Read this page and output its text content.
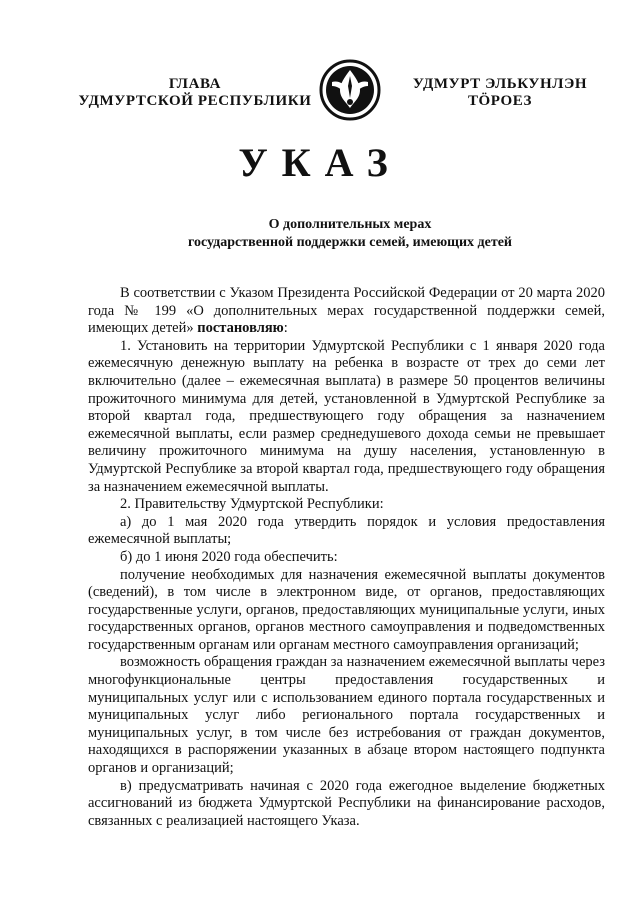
ГЛАВА
УДМУРТСКОЙ РЕСПУБЛИКИ
УДМУРТ ЭЛЬКУНЛЭН
ТӦРОЕЗ
УКАЗ
О дополнительных мерах
государственной поддержки семей, имеющих детей

В соответствии с Указом Президента Российской Федерации от 20 марта 2020 года № 199 «О дополнительных мерах государственной поддержки семей, имеющих детей» постановляю:

1. Установить на территории Удмуртской Республики с 1 января 2020 года ежемесячную денежную выплату на ребенка в возрасте от трех до семи лет включительно (далее – ежемесячная выплата) в размере 50 процентов величины прожиточного минимума для детей, установленной в Удмуртской Республике за второй квартал года, предшествующего году обращения за назначением ежемесячной выплаты, если размер среднедушевого дохода семьи не превышает величину прожиточного минимума на душу населения, установленную в Удмуртской Республике за второй квартал года, предшествующего году обращения за назначением ежемесячной выплаты.

2. Правительству Удмуртской Республики:

а) до 1 мая 2020 года утвердить порядок и условия предоставления ежемесячной выплаты;

б) до 1 июня 2020 года обеспечить:

получение необходимых для назначения ежемесячной выплаты документов (сведений), в том числе в электронном виде, от органов, предоставляющих государственные услуги, органов, предоставляющих муниципальные услуги, иных государственных органов, органов местного самоуправления и подведомственных государственным органам или органам местного самоуправления организаций;

возможность обращения граждан за назначением ежемесячной выплаты через многофункциональные центры предоставления государственных и муниципальных услуг или с использованием единого портала государственных и муниципальных услуг либо регионального портала государственных и муниципальных услуг, в том числе без истребования от граждан документов, находящихся в распоряжении указанных в абзаце втором настоящего подпункта органов и организаций;

в) предусматривать начиная с 2020 года ежегодное выделение бюджетных ассигнований из бюджета Удмуртской Республики на финансирование расходов, связанных с реализацией настоящего Указа.
